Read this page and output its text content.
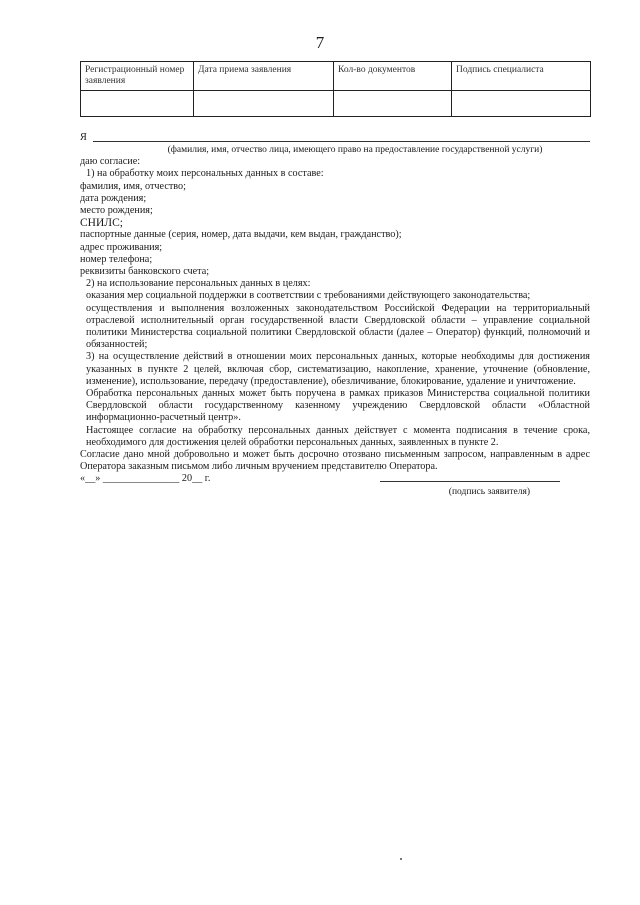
7
Регистрационный номер заявления	Дата приема заявления	Кол-во документов	Подпись специалиста

Я
(фамилия, имя, отчество лица, имеющего право на предоставление государственной услуги)
даю согласие:
1) на обработку моих персональных данных в составе:
фамилия, имя, отчество;
дата рождения;
место рождения;
СНИЛС;
паспортные данные (серия, номер, дата выдачи, кем выдан, гражданство);
адрес проживания;
номер телефона;
реквизиты банковского счета;
2) на использование персональных данных в целях:
оказания мер социальной поддержки в соответствии с требованиями действующего законодательства;
осуществления и выполнения возложенных законодательством Российской Федерации на территориальный отраслевой исполнительный орган государственной власти Свердловской области – управление социальной политики Министерства социальной политики Свердловской области (далее – Оператор) функций, полномочий и обязанностей;
3) на осуществление действий в отношении моих персональных данных, которые необходимы для достижения указанных в пункте 2 целей, включая сбор, систематизацию, накопление, хранение, уточнение (обновление, изменение), использование, передачу (предоставление), обезличивание, блокирование, удаление и уничтожение.
Обработка персональных данных может быть поручена в рамках приказов Министерства социальной политики Свердловской области государственному казенному учреждению Свердловской области «Областной информационно-расчетный центр».
Настоящее согласие на обработку персональных данных действует с момента подписания в течение срока, необходимого для достижения целей обработки персональных данных, заявленных в пункте 2.
Согласие дано мной добровольно и может быть досрочно отозвано письменным запросом, направленным в адрес Оператора заказным письмом либо личным вручением представителю Оператора.
«__» _______________ 20__ г.
(подпись заявителя)
